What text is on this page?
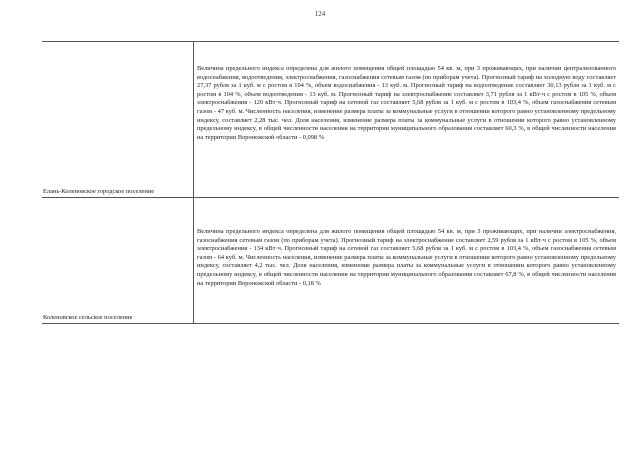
124
Елань-Коленовское городское поселение
Величина предельного индекса определена для жилого помещения общей площадью 54 кв. м, при 3 проживающих, при наличии централизованного водоснабжения, водоотведения, электроснабжения, газоснабжения сетевым газом (по приборам учета). Прогнозный тариф на холодную воду составляет 27,37 рубля за 1 куб. м с ростом в 104 %, объем водоснабжения - 13 куб. м. Прогнозный тариф на водоотведение составляет 30,13 рубля за 1 куб. м с ростом в 104 %, объем водоотведения - 13 куб. м. Прогнозный тариф на электроснабжение составляет 3,71 рубля за 1 кВт·ч с ростом в 105 %, объем электроснабжения - 120 кВт·ч. Прогнозный тариф на сетевой газ составляет 5,68 рубля за 1 куб. м с ростом в 103,4 %, объем газоснабжения сетевым газом - 47 куб. м. Численность населения, изменение размера платы за коммунальные услуги в отношении которого равно установленному предельному индексу, составляет 2,28 тыс. чел. Доля населения, изменение размера платы за коммунальные услуги в отношении которого равно установленному предельному индексу, в общей численности населения на территории муниципального образования составляет 60,3 %, в общей численности населения на территории Воронежской области - 0,098 %
Коленовское сельское поселение
Величина предельного индекса определена для жилого помещения общей площадью 54 кв. м, при 3 проживающих, при наличии электроснабжения, газоснабжения сетевым газом (по приборам учета). Прогнозный тариф на электроснабжение составляет 2,59 рубля за 1 кВт·ч с ростом в 105 %, объем электроснабжения - 134 кВт·ч. Прогнозный тариф на сетевой газ составляет 5,68 рубля за 1 куб. м с ростом в 103,4 %, объем газоснабжения сетевым газом - 64 куб. м. Численность населения, изменение размера платы за коммунальные услуги в отношении которого равно установленному предельному индексу, составляет 4,2 тыс. чел. Доля населения, изменение размера платы за коммунальные услуги в отношении которого равно установленному предельному индексу, в общей численности населения на территории муниципального образования составляет 67,8 %, в общей численности населения на территории Воронежской области - 0,18 %
